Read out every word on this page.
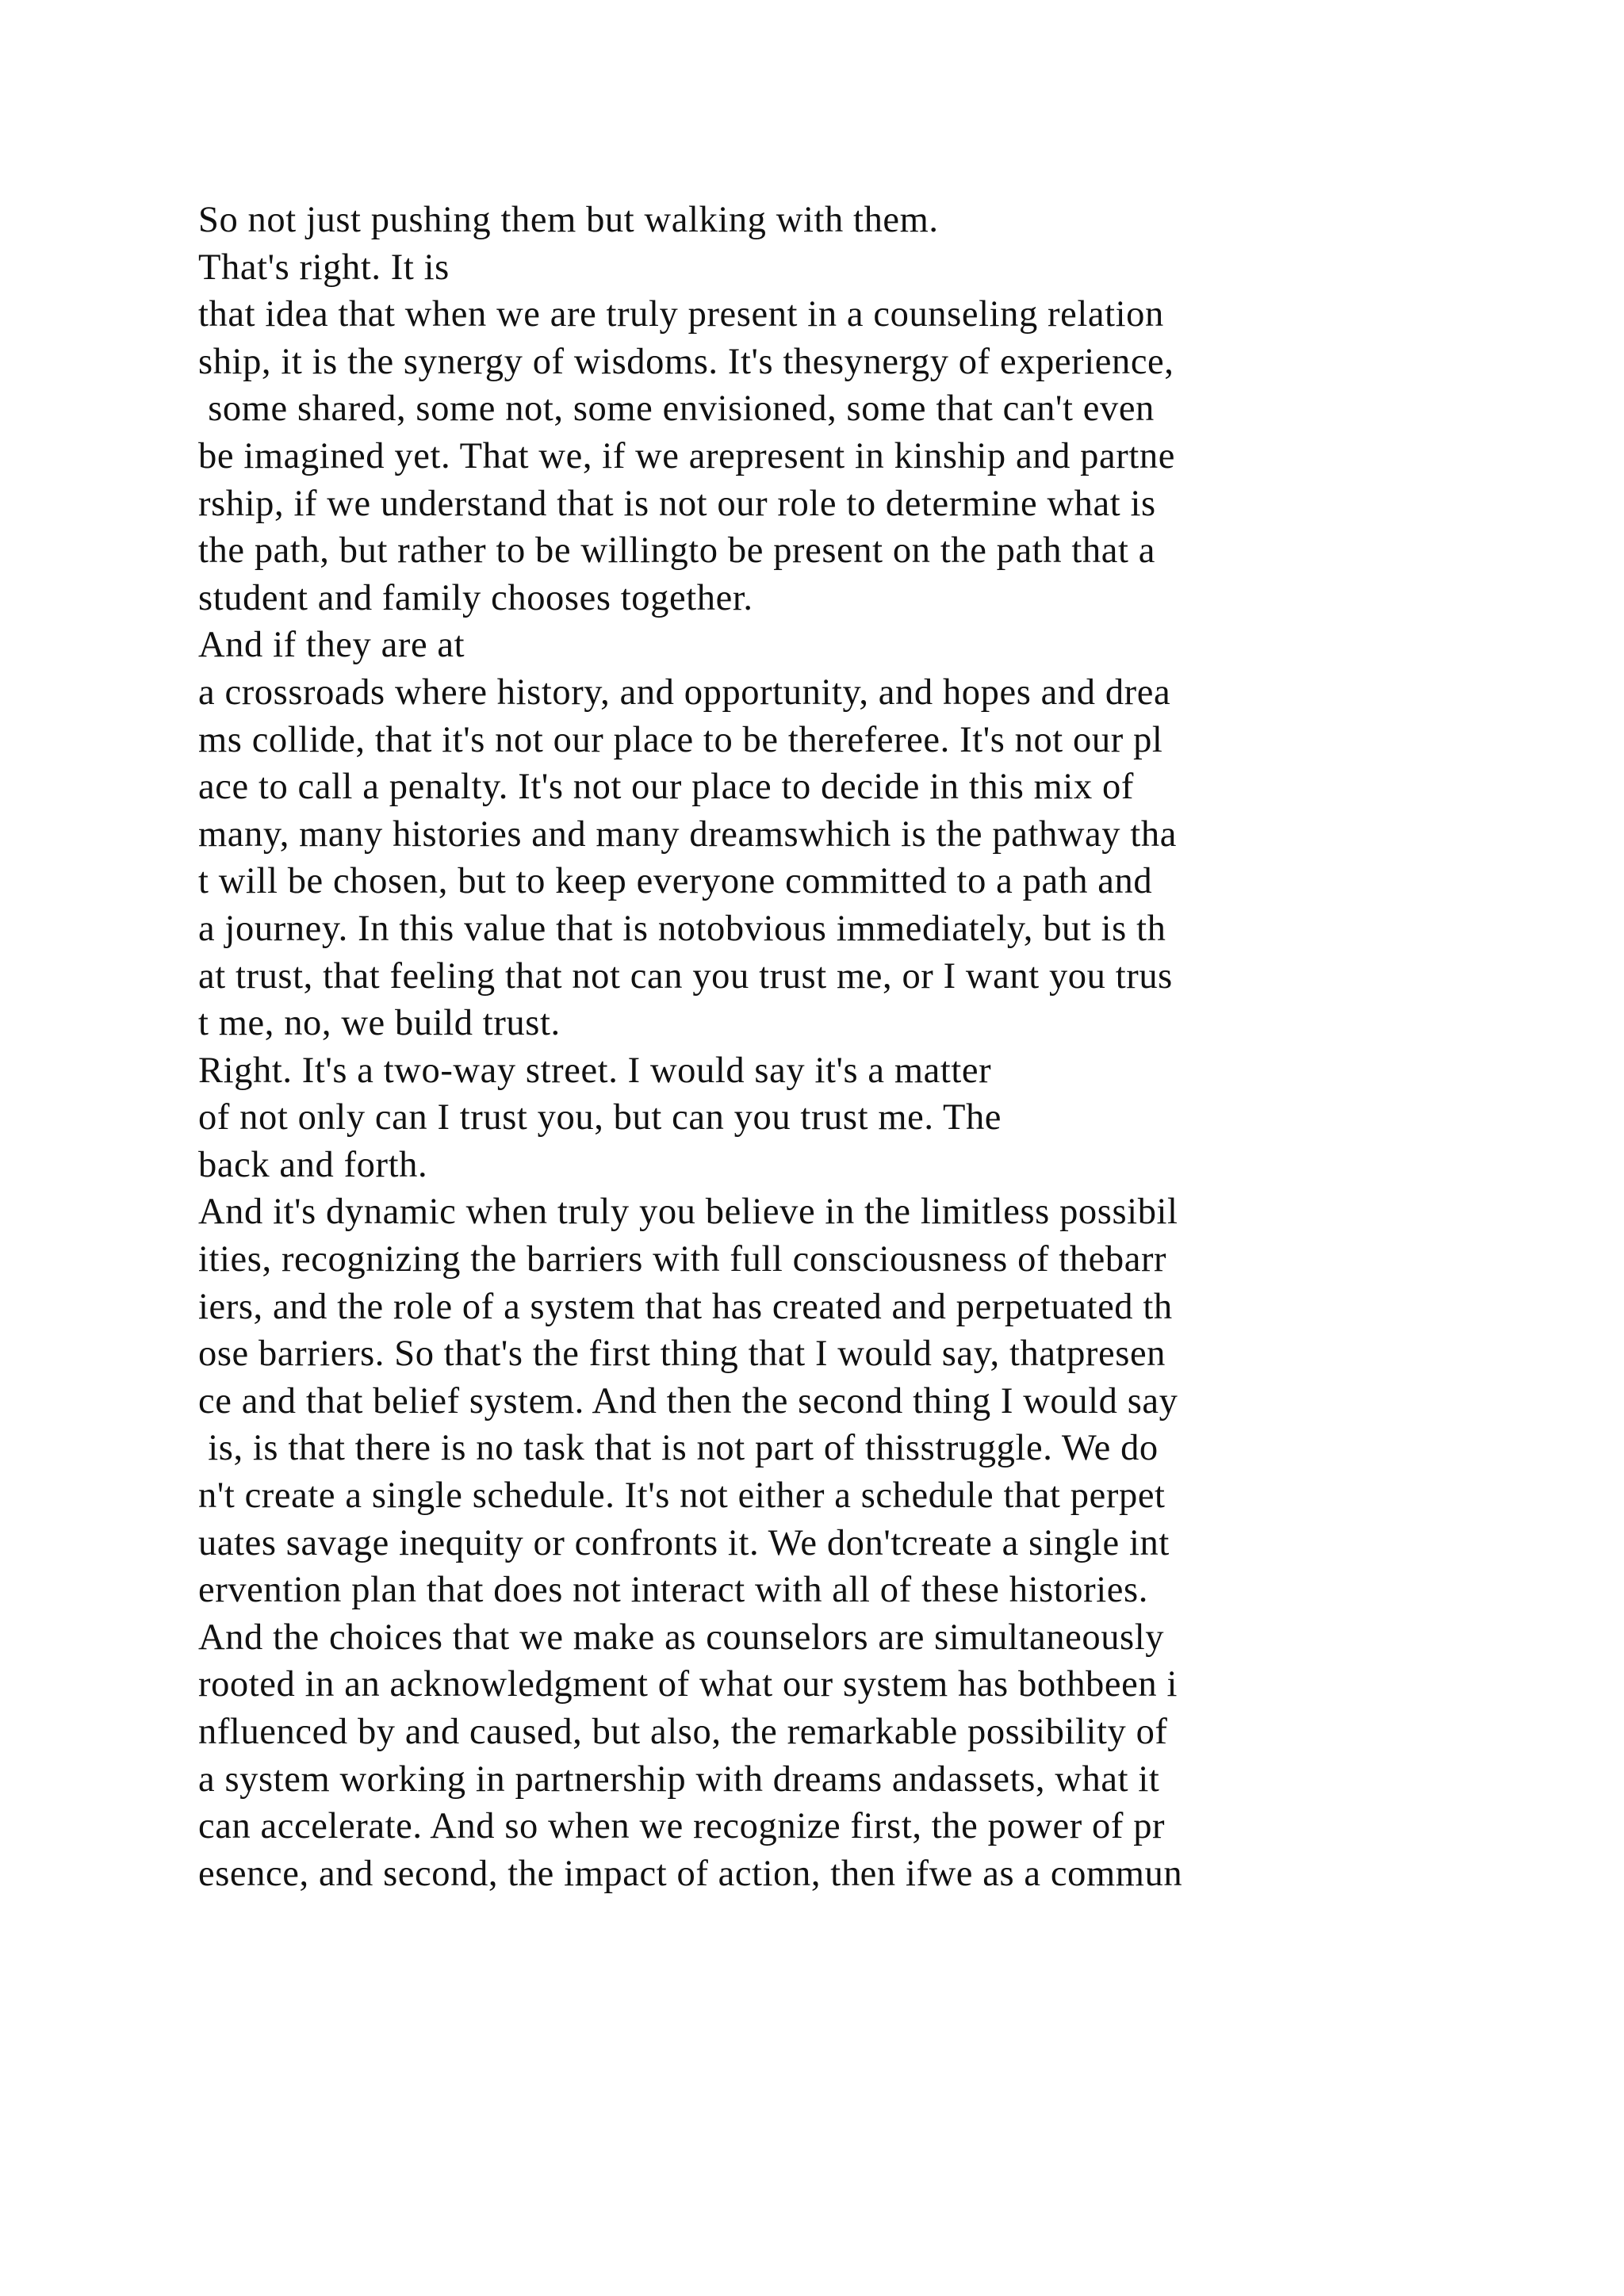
So not just pushing them but walking with them.
That's right. It is
that idea that when we are truly present in a counseling relation
ship, it is the synergy of wisdoms. It's thesynergy of experience,
some shared, some not, some envisioned, some that can't even
be imagined yet. That we, if we arepresent in kinship and partne
rship, if we understand that is not our role to determine what is
the path, but rather to be willingto be present on the path that a
student and family chooses together.
And if they are at
a crossroads where history, and opportunity, and hopes and drea
ms collide, that it's not our place to be thereferee. It's not our pl
ace to call a penalty. It's not our place to decide in this mix of
many, many histories and many dreamswhich is the pathway tha
t will be chosen, but to keep everyone committed to a path and
a journey. In this value that is notobvious immediately, but is th
at trust, that feeling that not can you trust me, or I want you trus
t me, no, we build trust.
Right. It's a two-way street. I would say it's a matter
of not only can I trust you, but can you trust me. The
back and forth.
And it's dynamic when truly you believe in the limitless possibil
ities, recognizing the barriers with full consciousness of thebarr
iers, and the role of a system that has created and perpetuated th
ose barriers. So that's the first thing that I would say, thatpresen
ce and that belief system. And then the second thing I would say
is, is that there is no task that is not part of thisstruggle. We do
n't create a single schedule. It's not either a schedule that perpet
uates savage inequity or confronts it. We don'tcreate a single int
ervention plan that does not interact with all of these histories.
And the choices that we make as counselors are simultaneously
rooted in an acknowledgment of what our system has bothbeen i
nfluenced by and caused, but also, the remarkable possibility of
a system working in partnership with dreams andassets, what it
can accelerate. And so when we recognize first, the power of pr
esence, and second, the impact of action, then ifwe as a commun
